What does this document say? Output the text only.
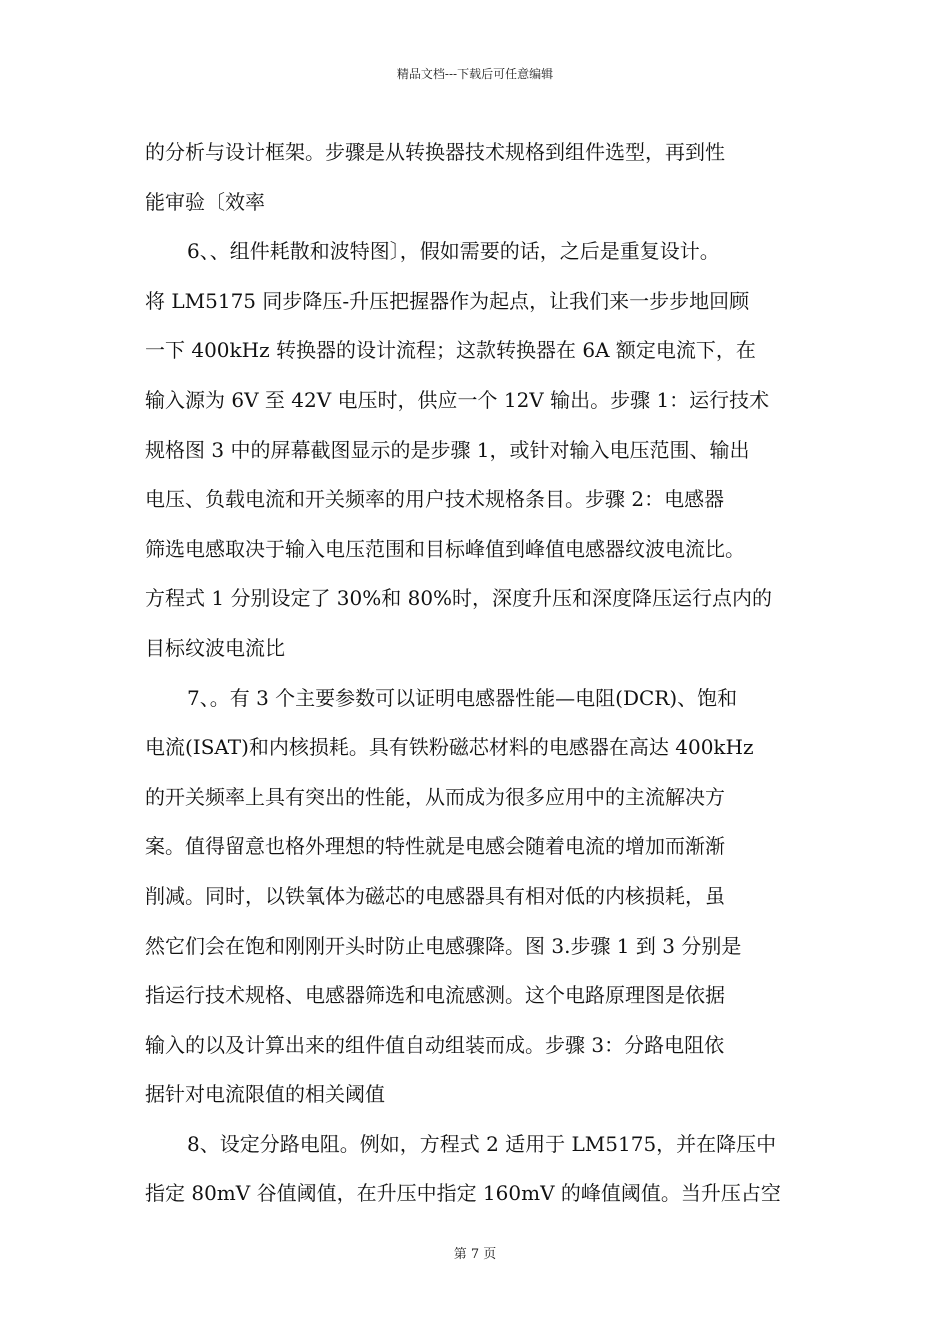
精品文档---下载后可任意编辑
的分析与设计框架。步骤是从转换器技术规格到组件选型，再到性
能审验〔效率
6、、组件耗散和波特图〕，假如需要的话，之后是重复设计。
将 LM5175 同步降压-升压把握器作为起点，让我们来一步步地回顾
一下 400kHz 转换器的设计流程；这款转换器在 6A 额定电流下，在
输入源为 6V 至 42V 电压时，供应一个 12V 输出。步骤 1：运行技术
规格图 3 中的屏幕截图显示的是步骤 1，或针对输入电压范围、输出
电压、负载电流和开关频率的用户技术规格条目。步骤 2：电感器
筛选电感取决于输入电压范围和目标峰值到峰值电感器纹波电流比。
方程式 1 分别设定了 30%和 80%时，深度升压和深度降压运行点内的
目标纹波电流比
7、。有 3 个主要参数可以证明电感器性能—电阻(DCR)、饱和
电流(ISAT)和内核损耗。具有铁粉磁芯材料的电感器在高达 400kHz
的开关频率上具有突出的性能，从而成为很多应用中的主流解决方
案。值得留意也格外理想的特性就是电感会随着电流的增加而渐渐
削减。同时，以铁氧体为磁芯的电感器具有相对低的内核损耗，虽
然它们会在饱和刚刚开头时防止电感骤降。图 3.步骤 1 到 3 分别是
指运行技术规格、电感器筛选和电流感测。这个电路原理图是依据
输入的以及计算出来的组件值自动组装而成。步骤 3：分路电阻依
据针对电流限值的相关阈值
8、设定分路电阻。例如，方程式 2 适用于 LM5175，并在降压中
指定 80mV 谷值阈值，在升压中指定 160mV 的峰值阈值。当升压占空
第 7 页
